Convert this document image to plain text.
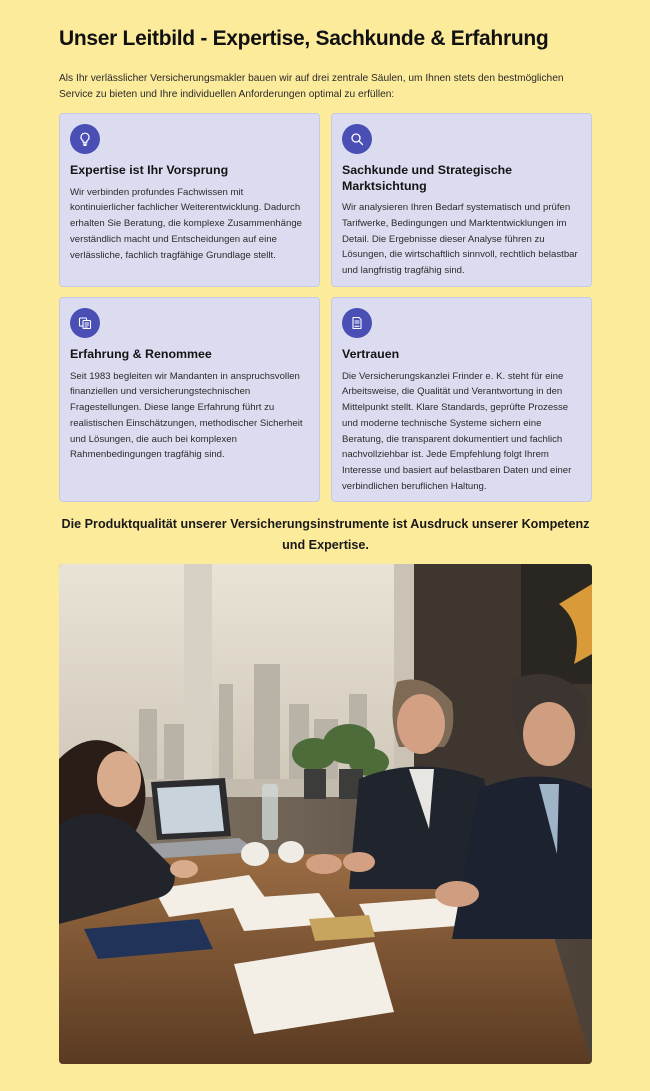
Unser Leitbild - Expertise, Sachkunde & Erfahrung

Als Ihr verlässlicher Versicherungsmakler bauen wir auf drei zentrale Säulen, um Ihnen stets den bestmöglichen Service zu bieten und Ihre individuellen Anforderungen optimal zu erfüllen:

Expertise ist Ihr Vorsprung

Wir verbinden profundes Fachwissen mit kontinuierlicher fachlicher Weiterentwicklung. Dadurch erhalten Sie Beratung, die komplexe Zusammenhänge verständlich macht und Entscheidungen auf eine verlässliche, fachlich tragfähige Grundlage stellt.

Sachkunde und Strategische Marktsichtung

Wir analysieren Ihren Bedarf systematisch und prüfen Tarifwerke, Bedingungen und Marktentwicklungen im Detail. Die Ergebnisse dieser Analyse führen zu Lösungen, die wirtschaftlich sinnvoll, rechtlich belastbar und langfristig tragfähig sind.

Erfahrung & Renommee

Seit 1983 begleiten wir Mandanten in anspruchsvollen finanziellen und versicherungstechnischen Fragestellungen. Diese lange Erfahrung führt zu realistischen Einschätzungen, methodischer Sicherheit und Lösungen, die auch bei komplexen Rahmenbedingungen tragfähig sind.

Vertrauen

Die Versicherungskanzlei Frinder e. K. steht für eine Arbeitsweise, die Qualität und Verantwortung in den Mittelpunkt stellt. Klare Standards, geprüfte Prozesse und moderne technische Systeme sichern eine Beratung, die transparent dokumentiert und fachlich nachvollziehbar ist. Jede Empfehlung folgt Ihrem Interesse und basiert auf belastbaren Daten und einer verbindlichen beruflichen Haltung.

Die Produktqualität unserer Versicherungsinstrumente ist Ausdruck unserer Kompetenz und Expertise.
